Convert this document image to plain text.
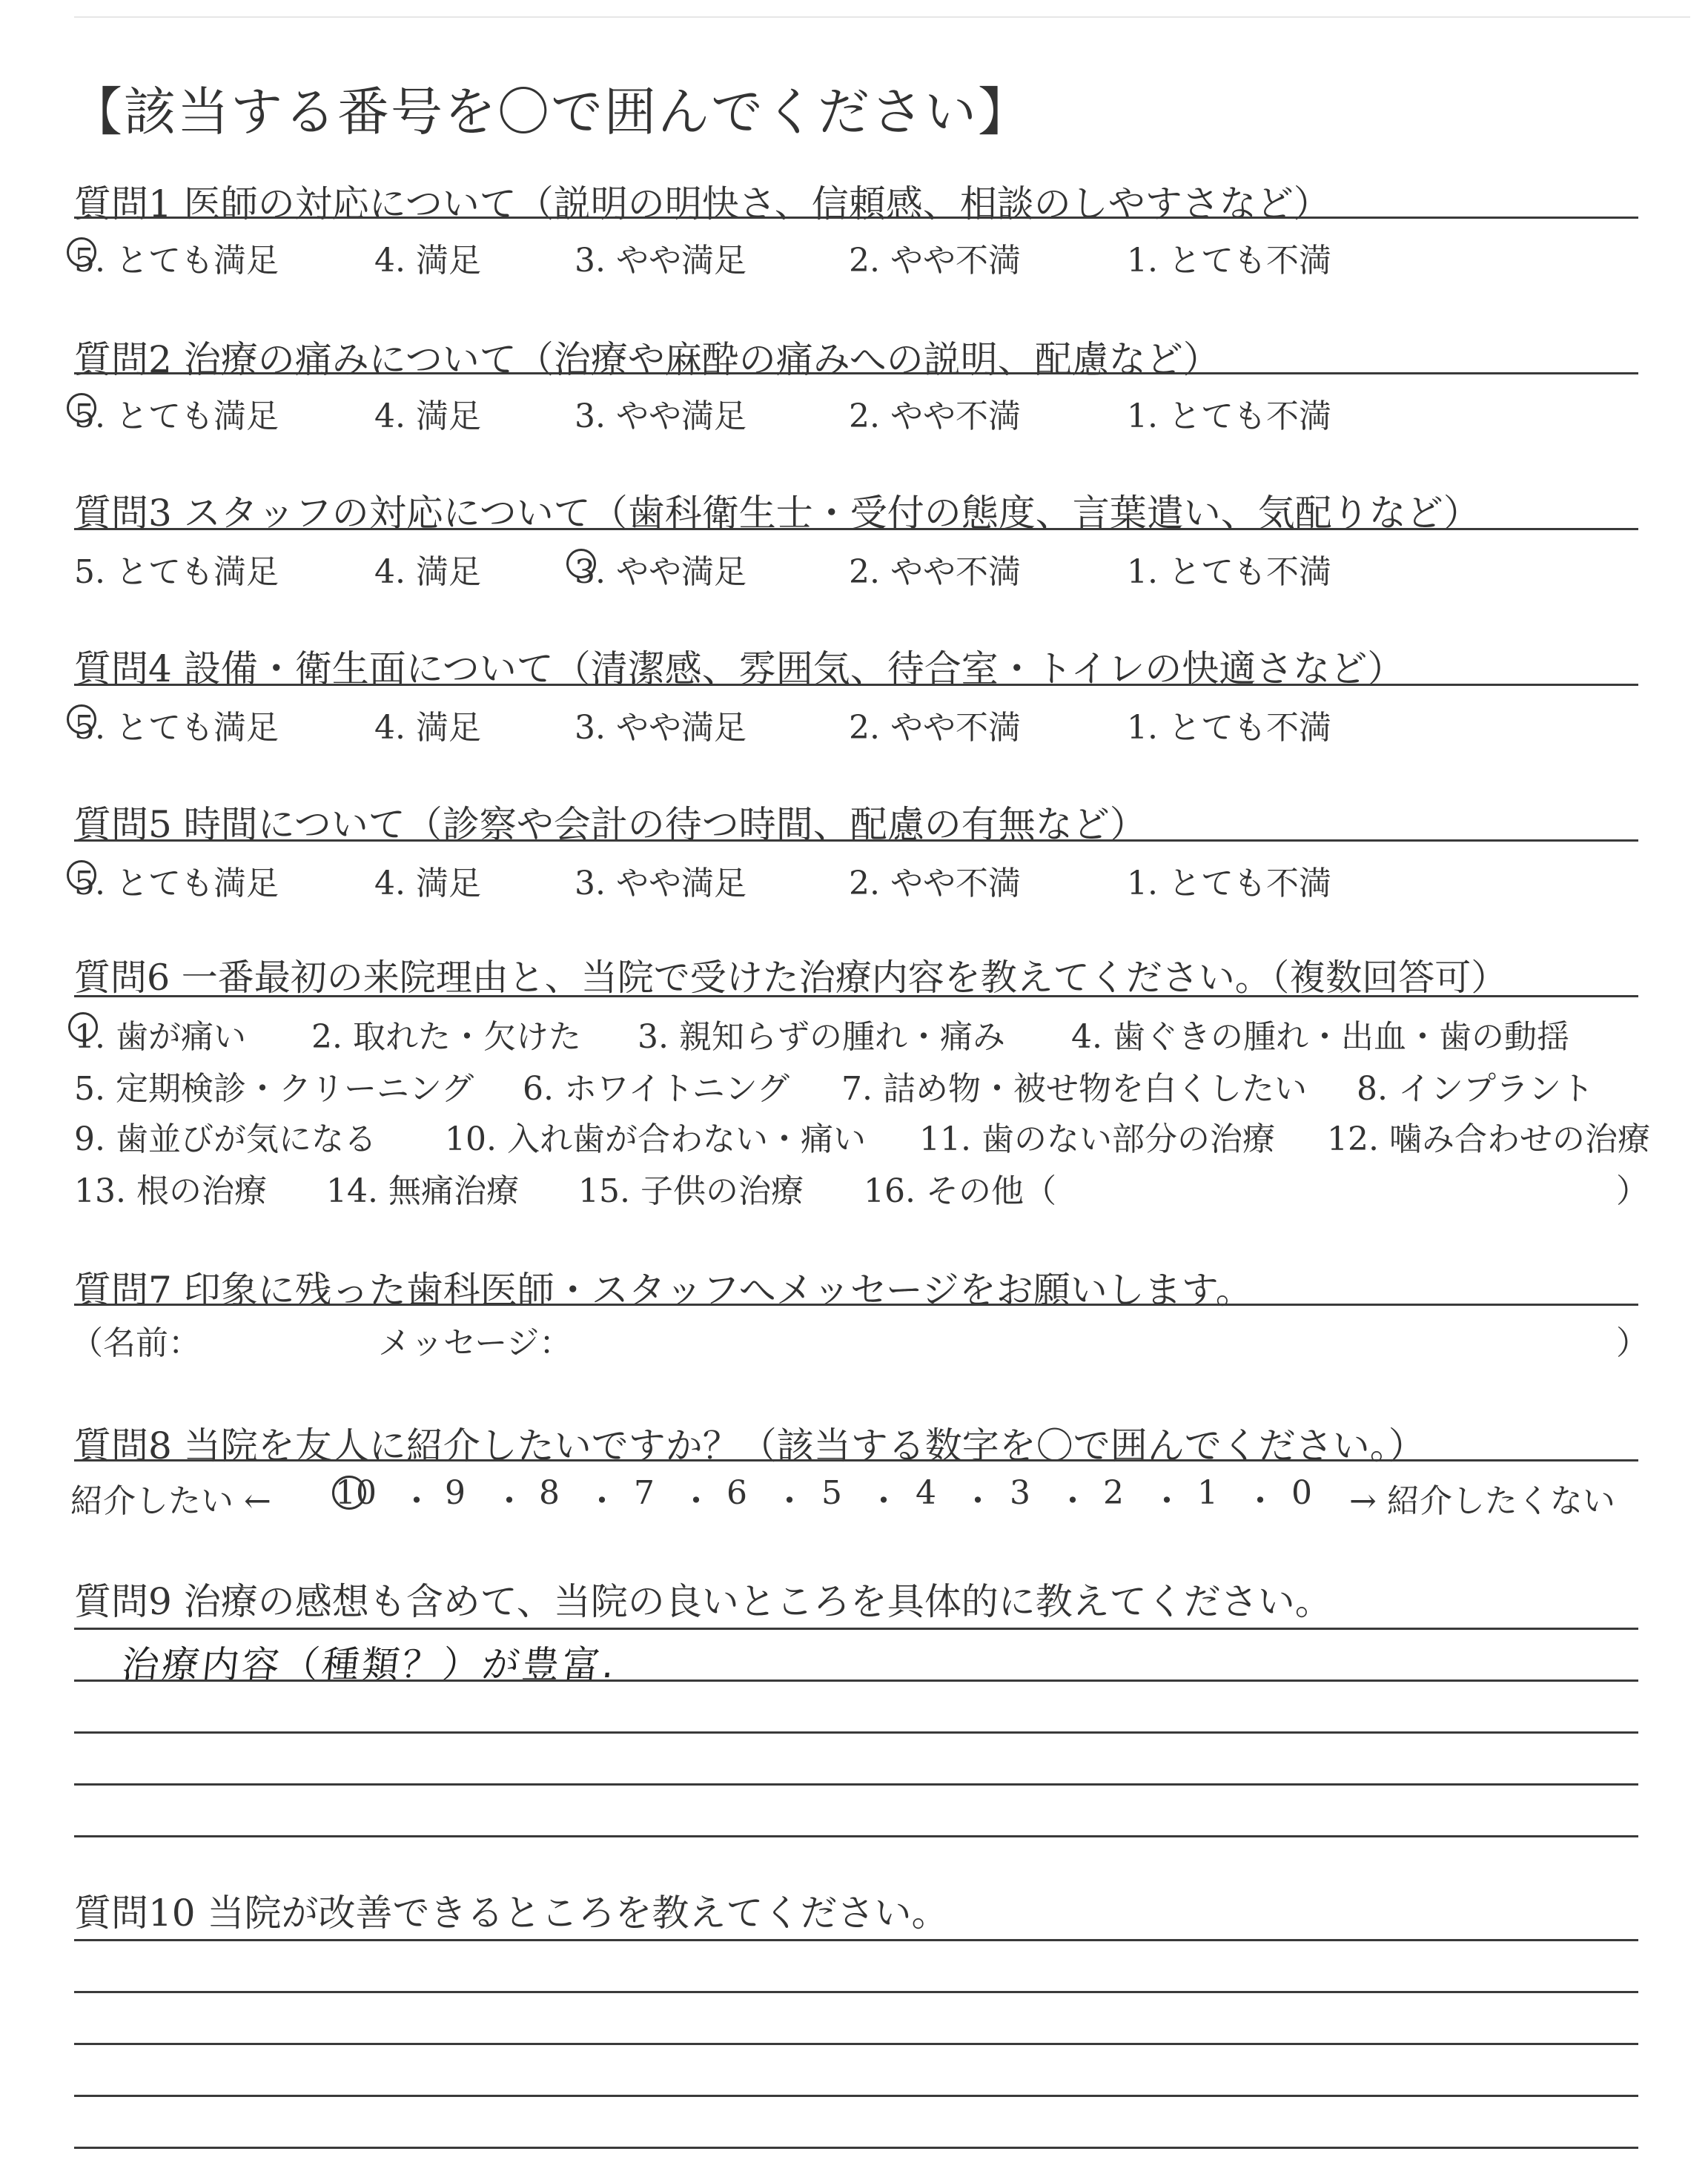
【該当する番号を〇で囲んでください】
質問1 医師の対応について（説明の明快さ、信頼感、相談のしやすさなど）
5. とても満足	4. 満足	3. やや満足	2. やや不満	1. とても不満
質問2 治療の痛みについて（治療や麻酔の痛みへの説明、配慮など）
5. とても満足	4. 満足	3. やや満足	2. やや不満	1. とても不満
質問3 スタッフの対応について（歯科衛生士・受付の態度、言葉遣い、気配りなど）
5. とても満足	4. 満足	3. やや満足	2. やや不満	1. とても不満
質問4 設備・衛生面について（清潔感、雰囲気、待合室・トイレの快適さなど）
5. とても満足	4. 満足	3. やや満足	2. やや不満	1. とても不満
質問5 時間について（診察や会計の待つ時間、配慮の有無など）
5. とても満足	4. 満足	3. やや満足	2. やや不満	1. とても不満
質問6 一番最初の来院理由と、当院で受けた治療内容を教えてください。（複数回答可）
1. 歯が痛い 2. 取れた・欠けた 3. 親知らずの腫れ・痛み 4. 歯ぐきの腫れ・出血・歯の動揺
5. 定期検診・クリーニング 6. ホワイトニング 7. 詰め物・被せ物を白くしたい 8. インプラント
9. 歯並びが気になる 10. 入れ歯が合わない・痛い 11. 歯のない部分の治療 12. 噛み合わせの治療
13. 根の治療 14. 無痛治療 15. 子供の治療 16. その他（	）
質問7 印象に残った歯科医師・スタッフへメッセージをお願いします。
（名前：	メッセージ：	）
質問8 当院を友人に紹介したいですか？（該当する数字を〇で囲んでください。）
紹介したい ← 10 ・ 9 ・ 8 ・ 7 ・ 6 ・ 5 ・ 4 ・ 3 ・ 2 ・ 1 ・ 0 → 紹介したくない
質問9 治療の感想も含めて、当院の良いところを具体的に教えてください。
治療内容（種類？）が豊富.
質問10 当院が改善できるところを教えてください。
